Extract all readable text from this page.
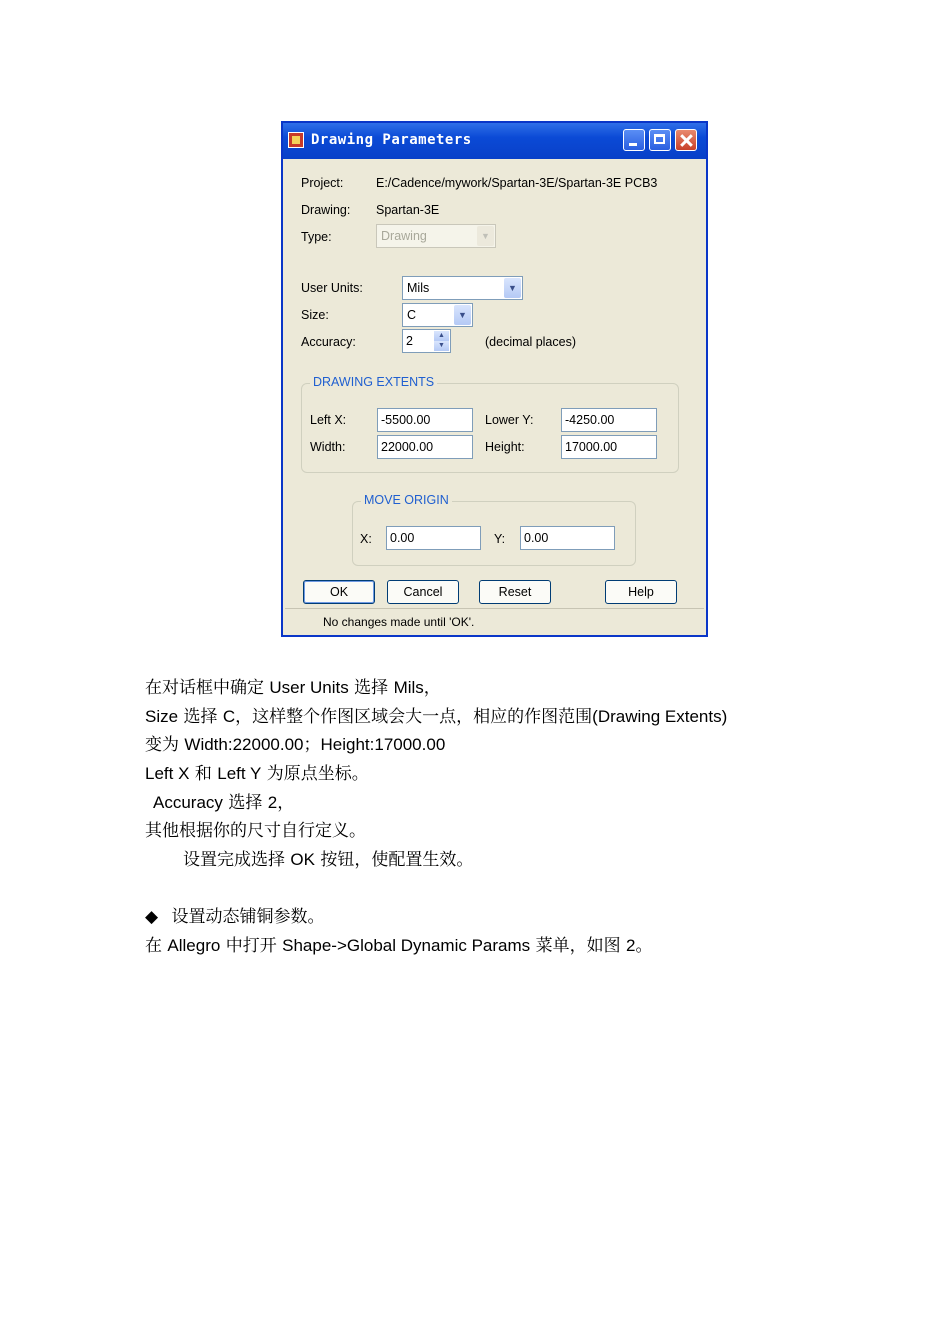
Drawing Parameters
Project:	E:/Cadence/mywork/Spartan-3E/Spartan-3E PCB3
Drawing: Spartan-3E
Type:	Drawing	▼
User Units:	Mils	▼
Size:	C	▼
Accuracy:	2	▲
▼	(decimal places)
DRAWING EXTENTS
Left X:	-5500.00	Lower Y:	-4250.00
Width:	22000.00	Height:	17000.00
MOVE ORIGIN
X:	0.00	Y:	0.00
OK	Cancel	Reset	Help
No changes made until 'OK'.
在对话框中确定 User Units 选择 Mils，
Size 选择 C，这样整个作图区域会大一点，相应的作图范围(Drawing Extents)
变为 Width:22000.00；Height:17000.00
Left X 和 Left Y 为原点坐标。
Accuracy 选择 2，
其他根据你的尺寸自行定义。
设置完成选择 OK 按钮，使配置生效。
◆ 设置动态铺铜参数。
在 Allegro 中打开 Shape->Global Dynamic Params 菜单，如图 2。
